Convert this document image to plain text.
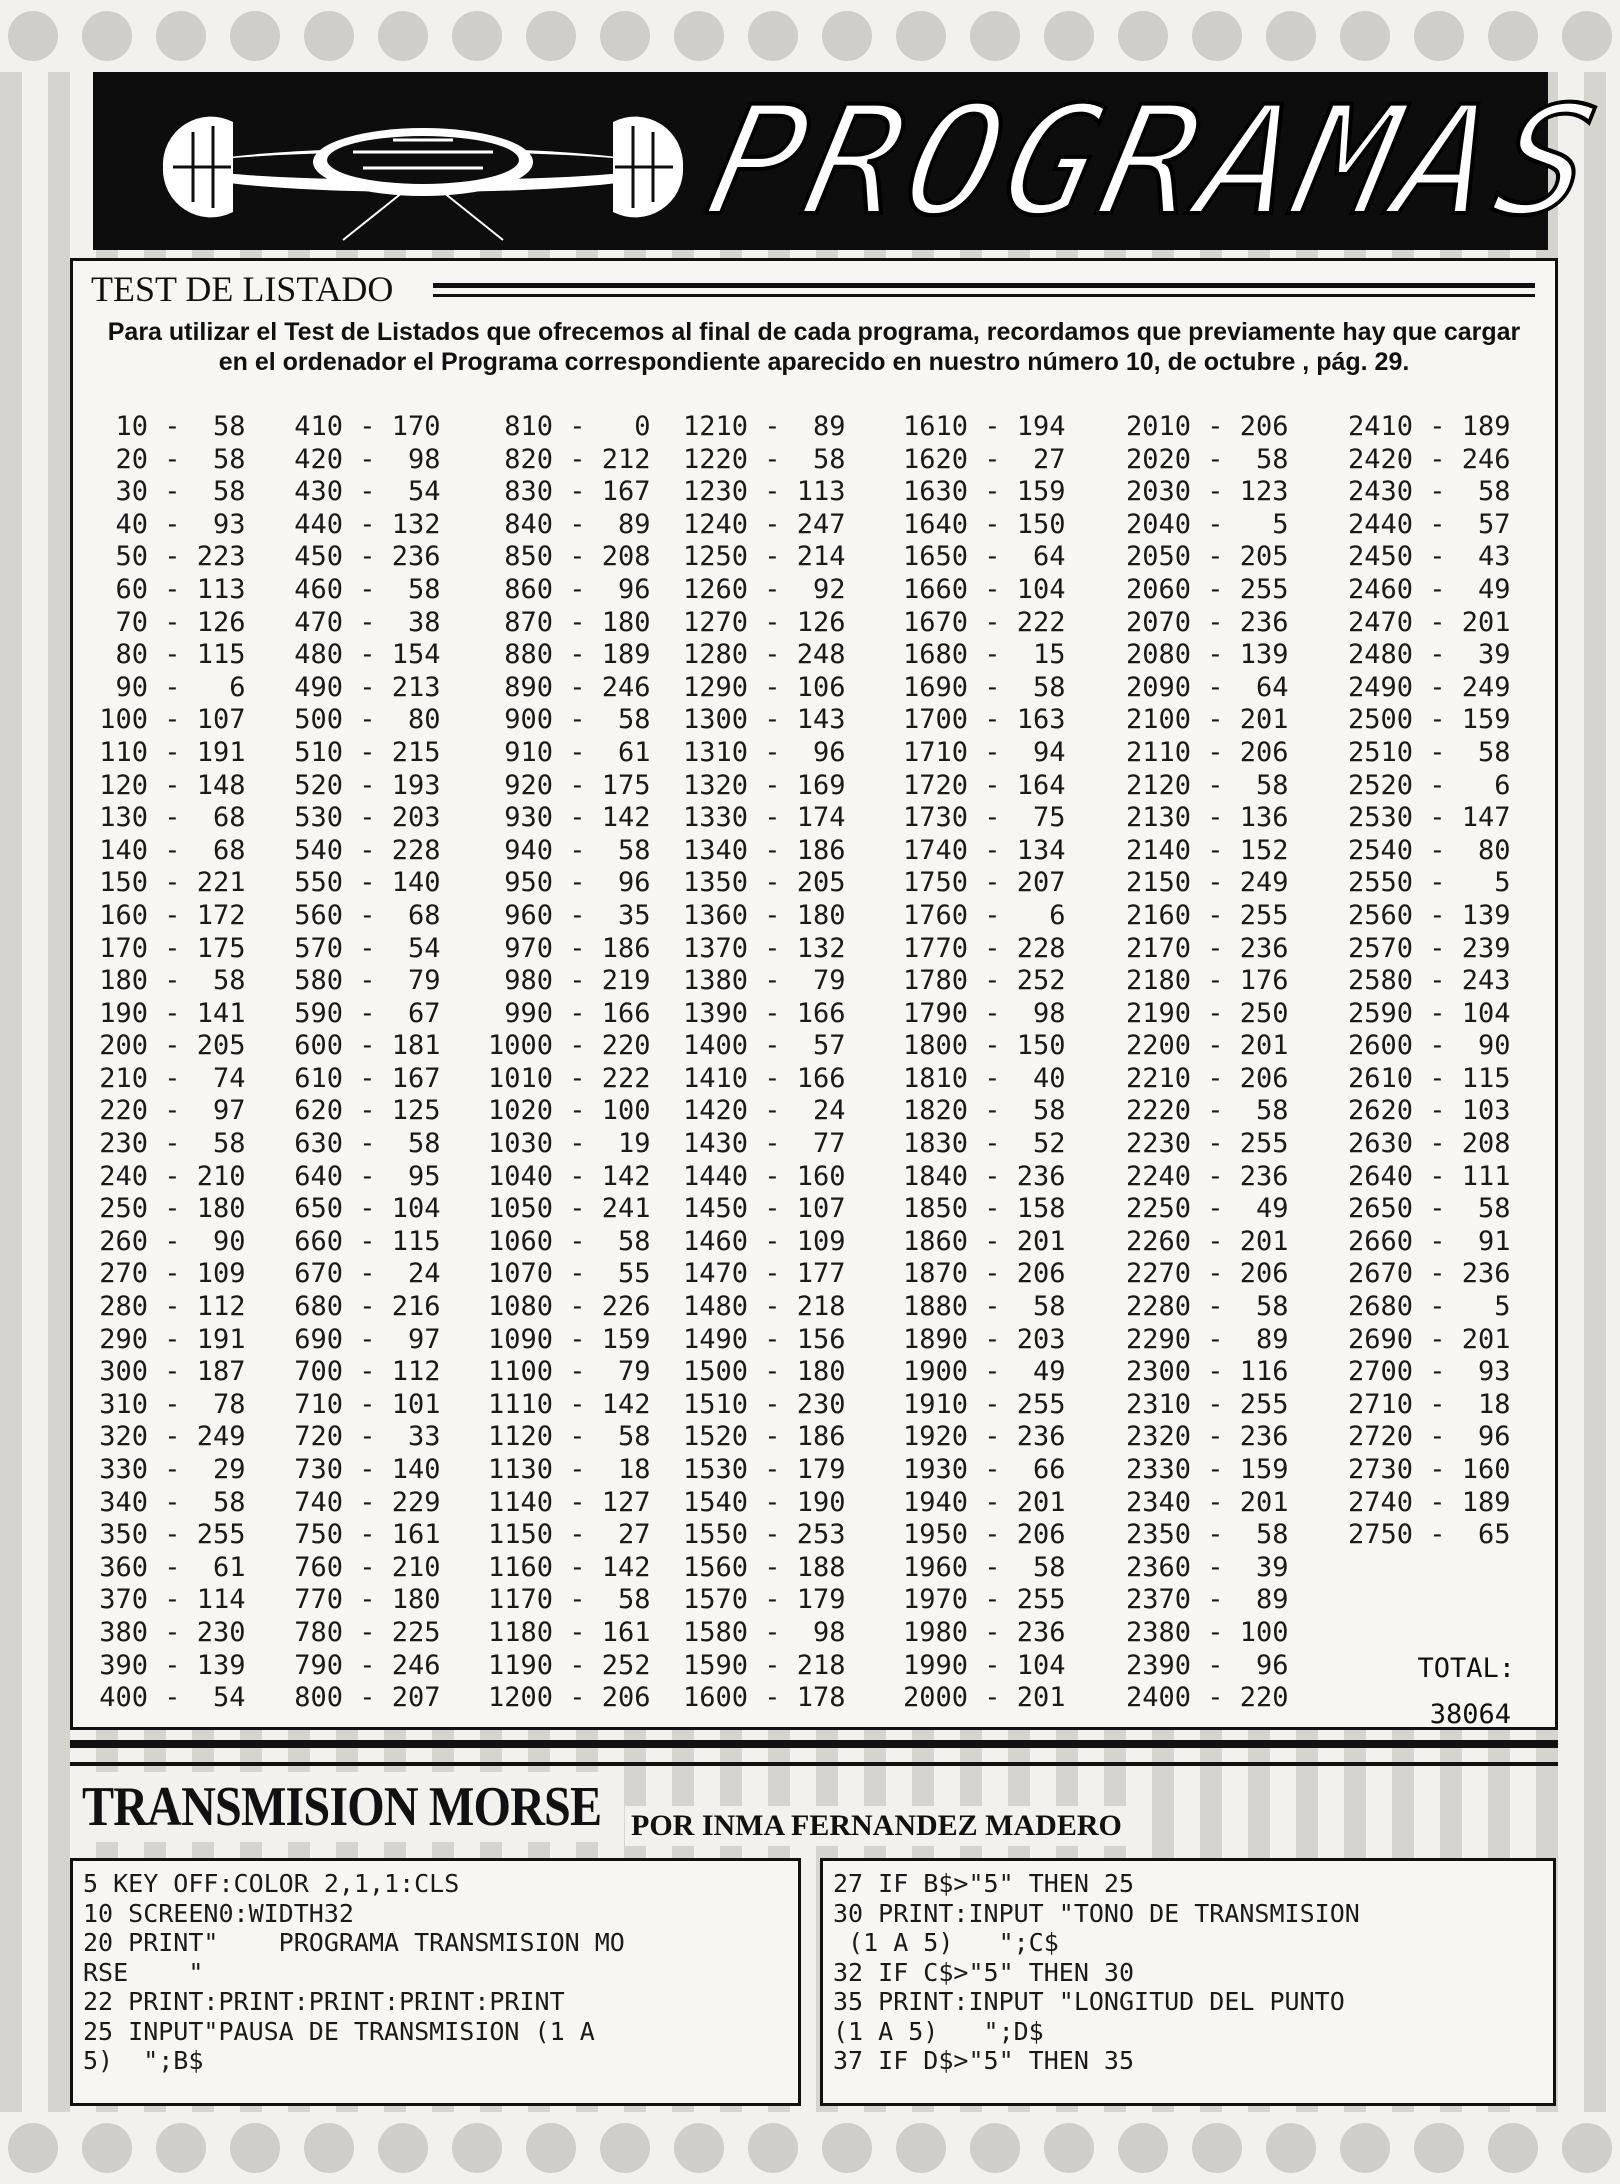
PROGRAMAS
TEST DE LISTADO
Para utilizar el Test de Listados que ofrecemos al final de cada programa, recordamos que previamente hay que cargar en el ordenador el Programa correspondiente aparecido en nuestro número 10, de octubre , pág. 29.
10 -  58
20 -  58
30 -  58
40 -  93
50 - 223
60 - 113
70 - 126
80 - 115
90 -   6
100 - 107
110 - 191
120 - 148
130 -  68
140 -  68
150 - 221
160 - 172
170 - 175
180 -  58
190 - 141
200 - 205
210 -  74
220 -  97
230 -  58
240 - 210
250 - 180
260 -  90
270 - 109
280 - 112
290 - 191
300 - 187
310 -  78
320 - 249
330 -  29
340 -  58
350 - 255
360 -  61
370 - 114
380 - 230
390 - 139
400 -  54
410 - 170
420 -  98
430 -  54
440 - 132
450 - 236
460 -  58
470 -  38
480 - 154
490 - 213
500 -  80
510 - 215
520 - 193
530 - 203
540 - 228
550 - 140
560 -  68
570 -  54
580 -  79
590 -  67
600 - 181
610 - 167
620 - 125
630 -  58
640 -  95
650 - 104
660 - 115
670 -  24
680 - 216
690 -  97
700 - 112
710 - 101
720 -  33
730 - 140
740 - 229
750 - 161
760 - 210
770 - 180
780 - 225
790 - 246
800 - 207
810 -   0
820 - 212
830 - 167
840 -  89
850 - 208
860 -  96
870 - 180
880 - 189
890 - 246
900 -  58
910 -  61
920 - 175
930 - 142
940 -  58
950 -  96
960 -  35
970 - 186
980 - 219
990 - 166
1000 - 220
1010 - 222
1020 - 100
1030 -  19
1040 - 142
1050 - 241
1060 -  58
1070 -  55
1080 - 226
1090 - 159
1100 -  79
1110 - 142
1120 -  58
1130 -  18
1140 - 127
1150 -  27
1160 - 142
1170 -  58
1180 - 161
1190 - 252
1200 - 206
1210 -  89
1220 -  58
1230 - 113
1240 - 247
1250 - 214
1260 -  92
1270 - 126
1280 - 248
1290 - 106
1300 - 143
1310 -  96
1320 - 169
1330 - 174
1340 - 186
1350 - 205
1360 - 180
1370 - 132
1380 -  79
1390 - 166
1400 -  57
1410 - 166
1420 -  24
1430 -  77
1440 - 160
1450 - 107
1460 - 109
1470 - 177
1480 - 218
1490 - 156
1500 - 180
1510 - 230
1520 - 186
1530 - 179
1540 - 190
1550 - 253
1560 - 188
1570 - 179
1580 -  98
1590 - 218
1600 - 178
1610 - 194
1620 -  27
1630 - 159
1640 - 150
1650 -  64
1660 - 104
1670 - 222
1680 -  15
1690 -  58
1700 - 163
1710 -  94
1720 - 164
1730 -  75
1740 - 134
1750 - 207
1760 -   6
1770 - 228
1780 - 252
1790 -  98
1800 - 150
1810 -  40
1820 -  58
1830 -  52
1840 - 236
1850 - 158
1860 - 201
1870 - 206
1880 -  58
1890 - 203
1900 -  49
1910 - 255
1920 - 236
1930 -  66
1940 - 201
1950 - 206
1960 -  58
1970 - 255
1980 - 236
1990 - 104
2000 - 201
2010 - 206
2020 -  58
2030 - 123
2040 -   5
2050 - 205
2060 - 255
2070 - 236
2080 - 139
2090 -  64
2100 - 201
2110 - 206
2120 -  58
2130 - 136
2140 - 152
2150 - 249
2160 - 255
2170 - 236
2180 - 176
2190 - 250
2200 - 201
2210 - 206
2220 -  58
2230 - 255
2240 - 236
2250 -  49
2260 - 201
2270 - 206
2280 -  58
2290 -  89
2300 - 116
2310 - 255
2320 - 236
2330 - 159
2340 - 201
2350 -  58
2360 -  39
2370 -  89
2380 - 100
2390 -  96
2400 - 220
2410 - 189
2420 - 246
2430 -  58
2440 -  57
2450 -  43
2460 -  49
2470 - 201
2480 -  39
2490 - 249
2500 - 159
2510 -  58
2520 -   6
2530 - 147
2540 -  80
2550 -   5
2560 - 139
2570 - 239
2580 - 243
2590 - 104
2600 -  90
2610 - 115
2620 - 103
2630 - 208
2640 - 111
2650 -  58
2660 -  91
2670 - 236
2680 -   5
2690 - 201
2700 -  93
2710 -  18
2720 -  96
2730 - 160
2740 - 189
2750 -  65
TOTAL:
38064
TRANSMISION MORSE POR INMA FERNANDEZ MADERO
5 KEY OFF:COLOR 2,1,1:CLS
10 SCREEN0:WIDTH32
20 PRINT"    PROGRAMA TRANSMISION MO
RSE    "
22 PRINT:PRINT:PRINT:PRINT:PRINT
25 INPUT"PAUSA DE TRANSMISION (1 A
5)  ";B$
27 IF B$>"5" THEN 25
30 PRINT:INPUT "TONO DE TRANSMISION
(1 A 5)   ";C$
32 IF C$>"5" THEN 30
35 PRINT:INPUT "LONGITUD DEL PUNTO
(1 A 5)   ";D$
37 IF D$>"5" THEN 35
